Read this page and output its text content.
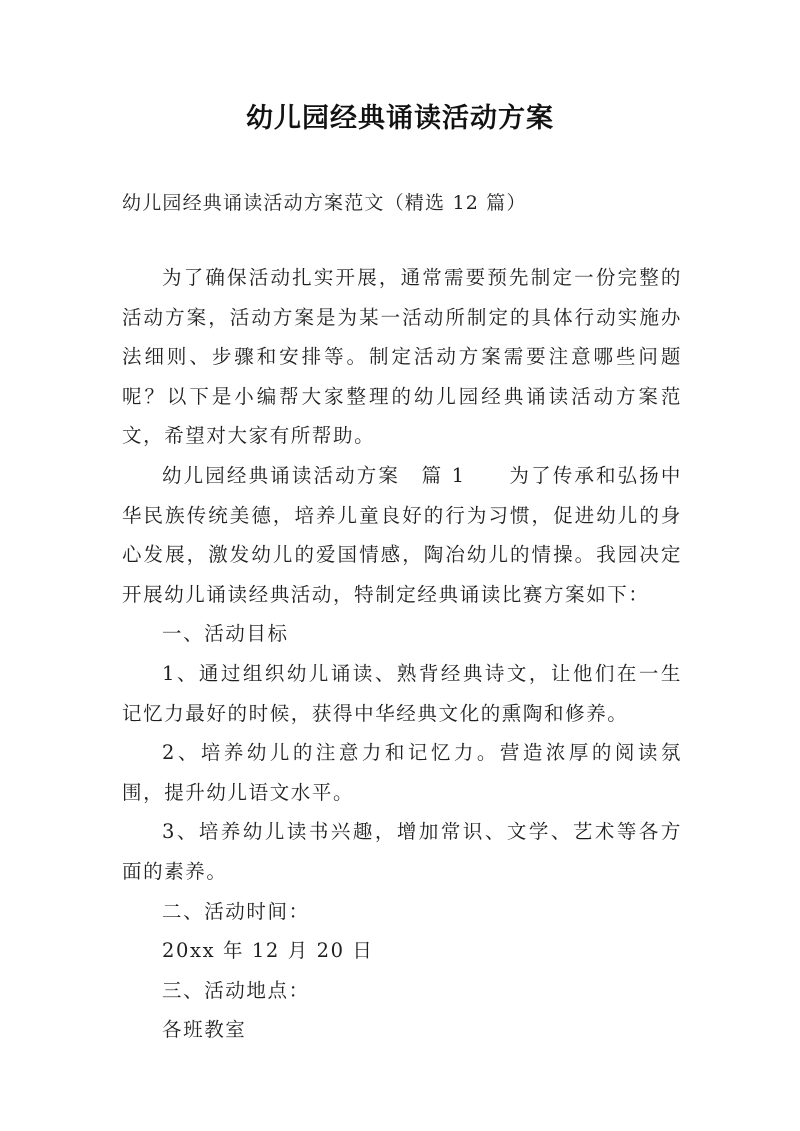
幼儿园经典诵读活动方案
幼儿园经典诵读活动方案范文（精选 12 篇）

为了确保活动扎实开展，通常需要预先制定一份完整的活动方案，活动方案是为某一活动所制定的具体行动实施办法细则、步骤和安排等。制定活动方案需要注意哪些问题呢？以下是小编帮大家整理的幼儿园经典诵读活动方案范文，希望对大家有所帮助。

幼儿园经典诵读活动方案　篇 1　　为了传承和弘扬中华民族传统美德，培养儿童良好的行为习惯，促进幼儿的身心发展，激发幼儿的爱国情感，陶冶幼儿的情操。我园决定开展幼儿诵读经典活动，特制定经典诵读比赛方案如下：

一、活动目标

1、通过组织幼儿诵读、熟背经典诗文，让他们在一生记忆力最好的时候，获得中华经典文化的熏陶和修养。

2、培养幼儿的注意力和记忆力。营造浓厚的阅读氛围，提升幼儿语文水平。

3、培养幼儿读书兴趣，增加常识、文学、艺术等各方面的素养。

二、活动时间：

20xx 年 12 月 20 日

三、活动地点：

各班教室
